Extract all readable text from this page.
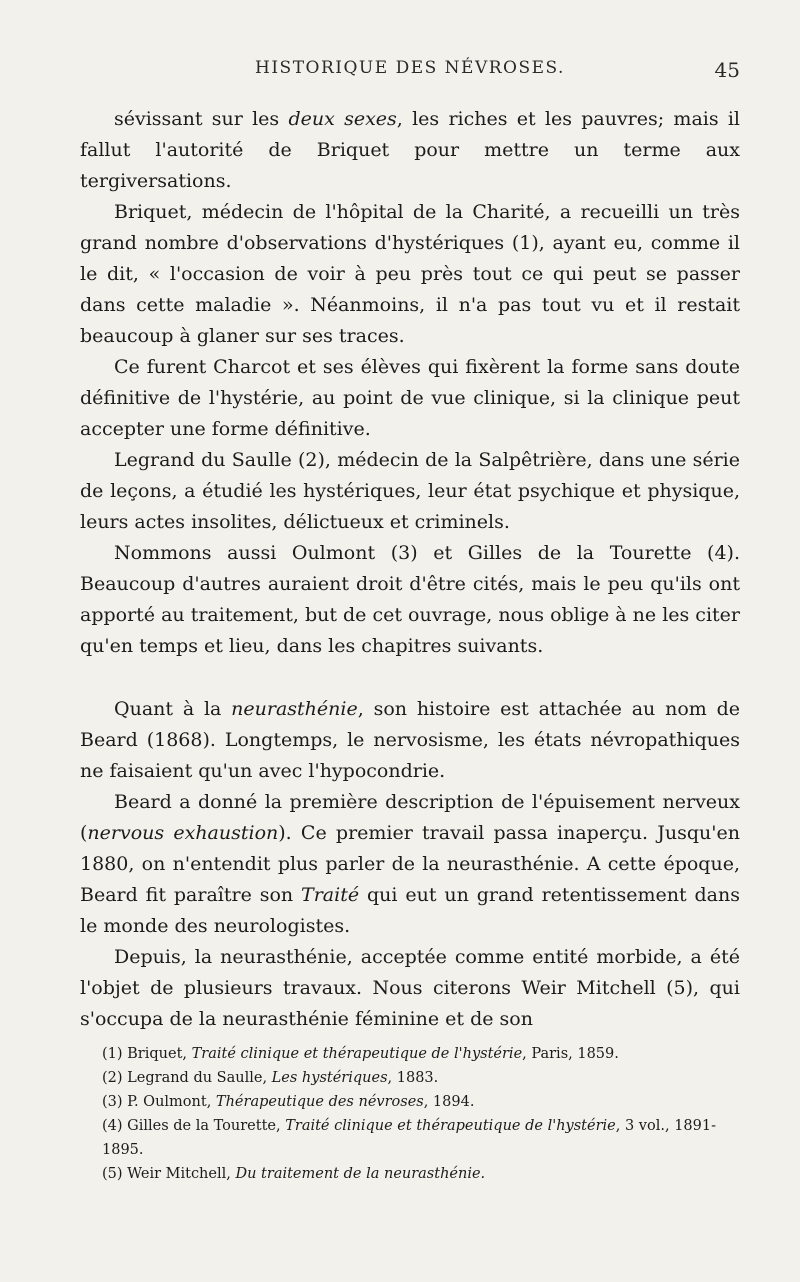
HISTORIQUE DES NÉVROSES.	45

sévissant sur les deux sexes, les riches et les pauvres; mais il fallut l'autorité de Briquet pour mettre un terme aux tergiversations.

Briquet, médecin de l'hôpital de la Charité, a recueilli un très grand nombre d'observations d'hystériques (1), ayant eu, comme il le dit, « l'occasion de voir à peu près tout ce qui peut se passer dans cette maladie ». Néanmoins, il n'a pas tout vu et il restait beaucoup à glaner sur ses traces.

Ce furent Charcot et ses élèves qui fixèrent la forme sans doute définitive de l'hystérie, au point de vue clinique, si la clinique peut accepter une forme définitive.

Legrand du Saulle (2), médecin de la Salpêtrière, dans une série de leçons, a étudié les hystériques, leur état psychique et physique, leurs actes insolites, délictueux et criminels.

Nommons aussi Oulmont (3) et Gilles de la Tourette (4). Beaucoup d'autres auraient droit d'être cités, mais le peu qu'ils ont apporté au traitement, but de cet ouvrage, nous oblige à ne les citer qu'en temps et lieu, dans les chapitres suivants.

Quant à la neurasthénie, son histoire est attachée au nom de Beard (1868). Longtemps, le nervosisme, les états névropathiques ne faisaient qu'un avec l'hypocondrie.

Beard a donné la première description de l'épuisement nerveux (nervous exhaustion). Ce premier travail passa inaperçu. Jusqu'en 1880, on n'entendit plus parler de la neurasthénie. A cette époque, Beard fit paraître son Traité qui eut un grand retentissement dans le monde des neurologistes.

Depuis, la neurasthénie, acceptée comme entité morbide, a été l'objet de plusieurs travaux. Nous citerons Weir Mitchell (5), qui s'occupa de la neurasthénie féminine et de son

(1) Briquet, Traité clinique et thérapeutique de l'hystérie, Paris, 1859.

(2) Legrand du Saulle, Les hystériques, 1883.

(3) P. Oulmont, Thérapeutique des névroses, 1894.

(4) Gilles de la Tourette, Traité clinique et thérapeutique de l'hystérie, 3 vol., 1891-1895.

(5) Weir Mitchell, Du traitement de la neurasthénie.
